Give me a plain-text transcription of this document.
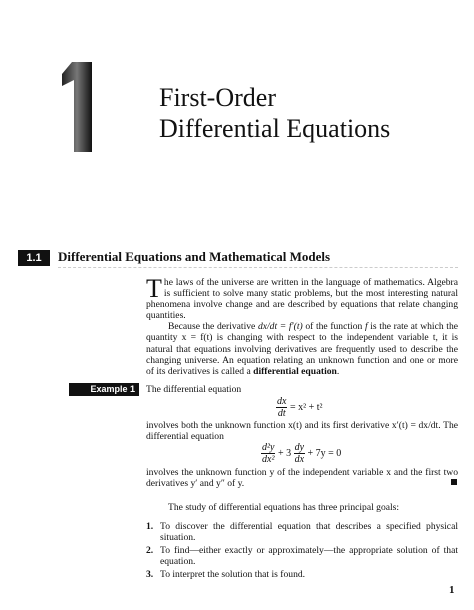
First-Order
Differential Equations
1.1	Differential Equations and Mathematical Models

The laws of the universe are written in the language of mathematics. Algebra is sufficient to solve many static problems, but the most interesting natural phenomena involve change and are described by equations that relate changing quantities.

Because the derivative dx/dt = f′(t) of the function f is the rate at which the quantity x = f(t) is changing with respect to the independent variable t, it is natural that equations involving derivatives are frequently used to describe the changing universe. An equation relating an unknown function and one or more of its derivatives is called a differential equation.

Example 1	The differential equation
$\frac{dx}{dt} = x^2 + t^2$
involves both the unknown function x(t) and its first derivative x′(t) = dx/dt. The differential equation
$\frac{\text{d²y}}{\text{dx²}} + 3 \frac{dy}{dx} + 7y = 0$
involves the unknown function y of the independent variable x and the first two derivatives y′ and y″ of y.
The study of differential equations has three principal goals:
1. To discover the differential equation that describes a specified physical situation.
2. To find—either exactly or approximately—the appropriate solution of that equation.
3. To interpret the solution that is found.
1
